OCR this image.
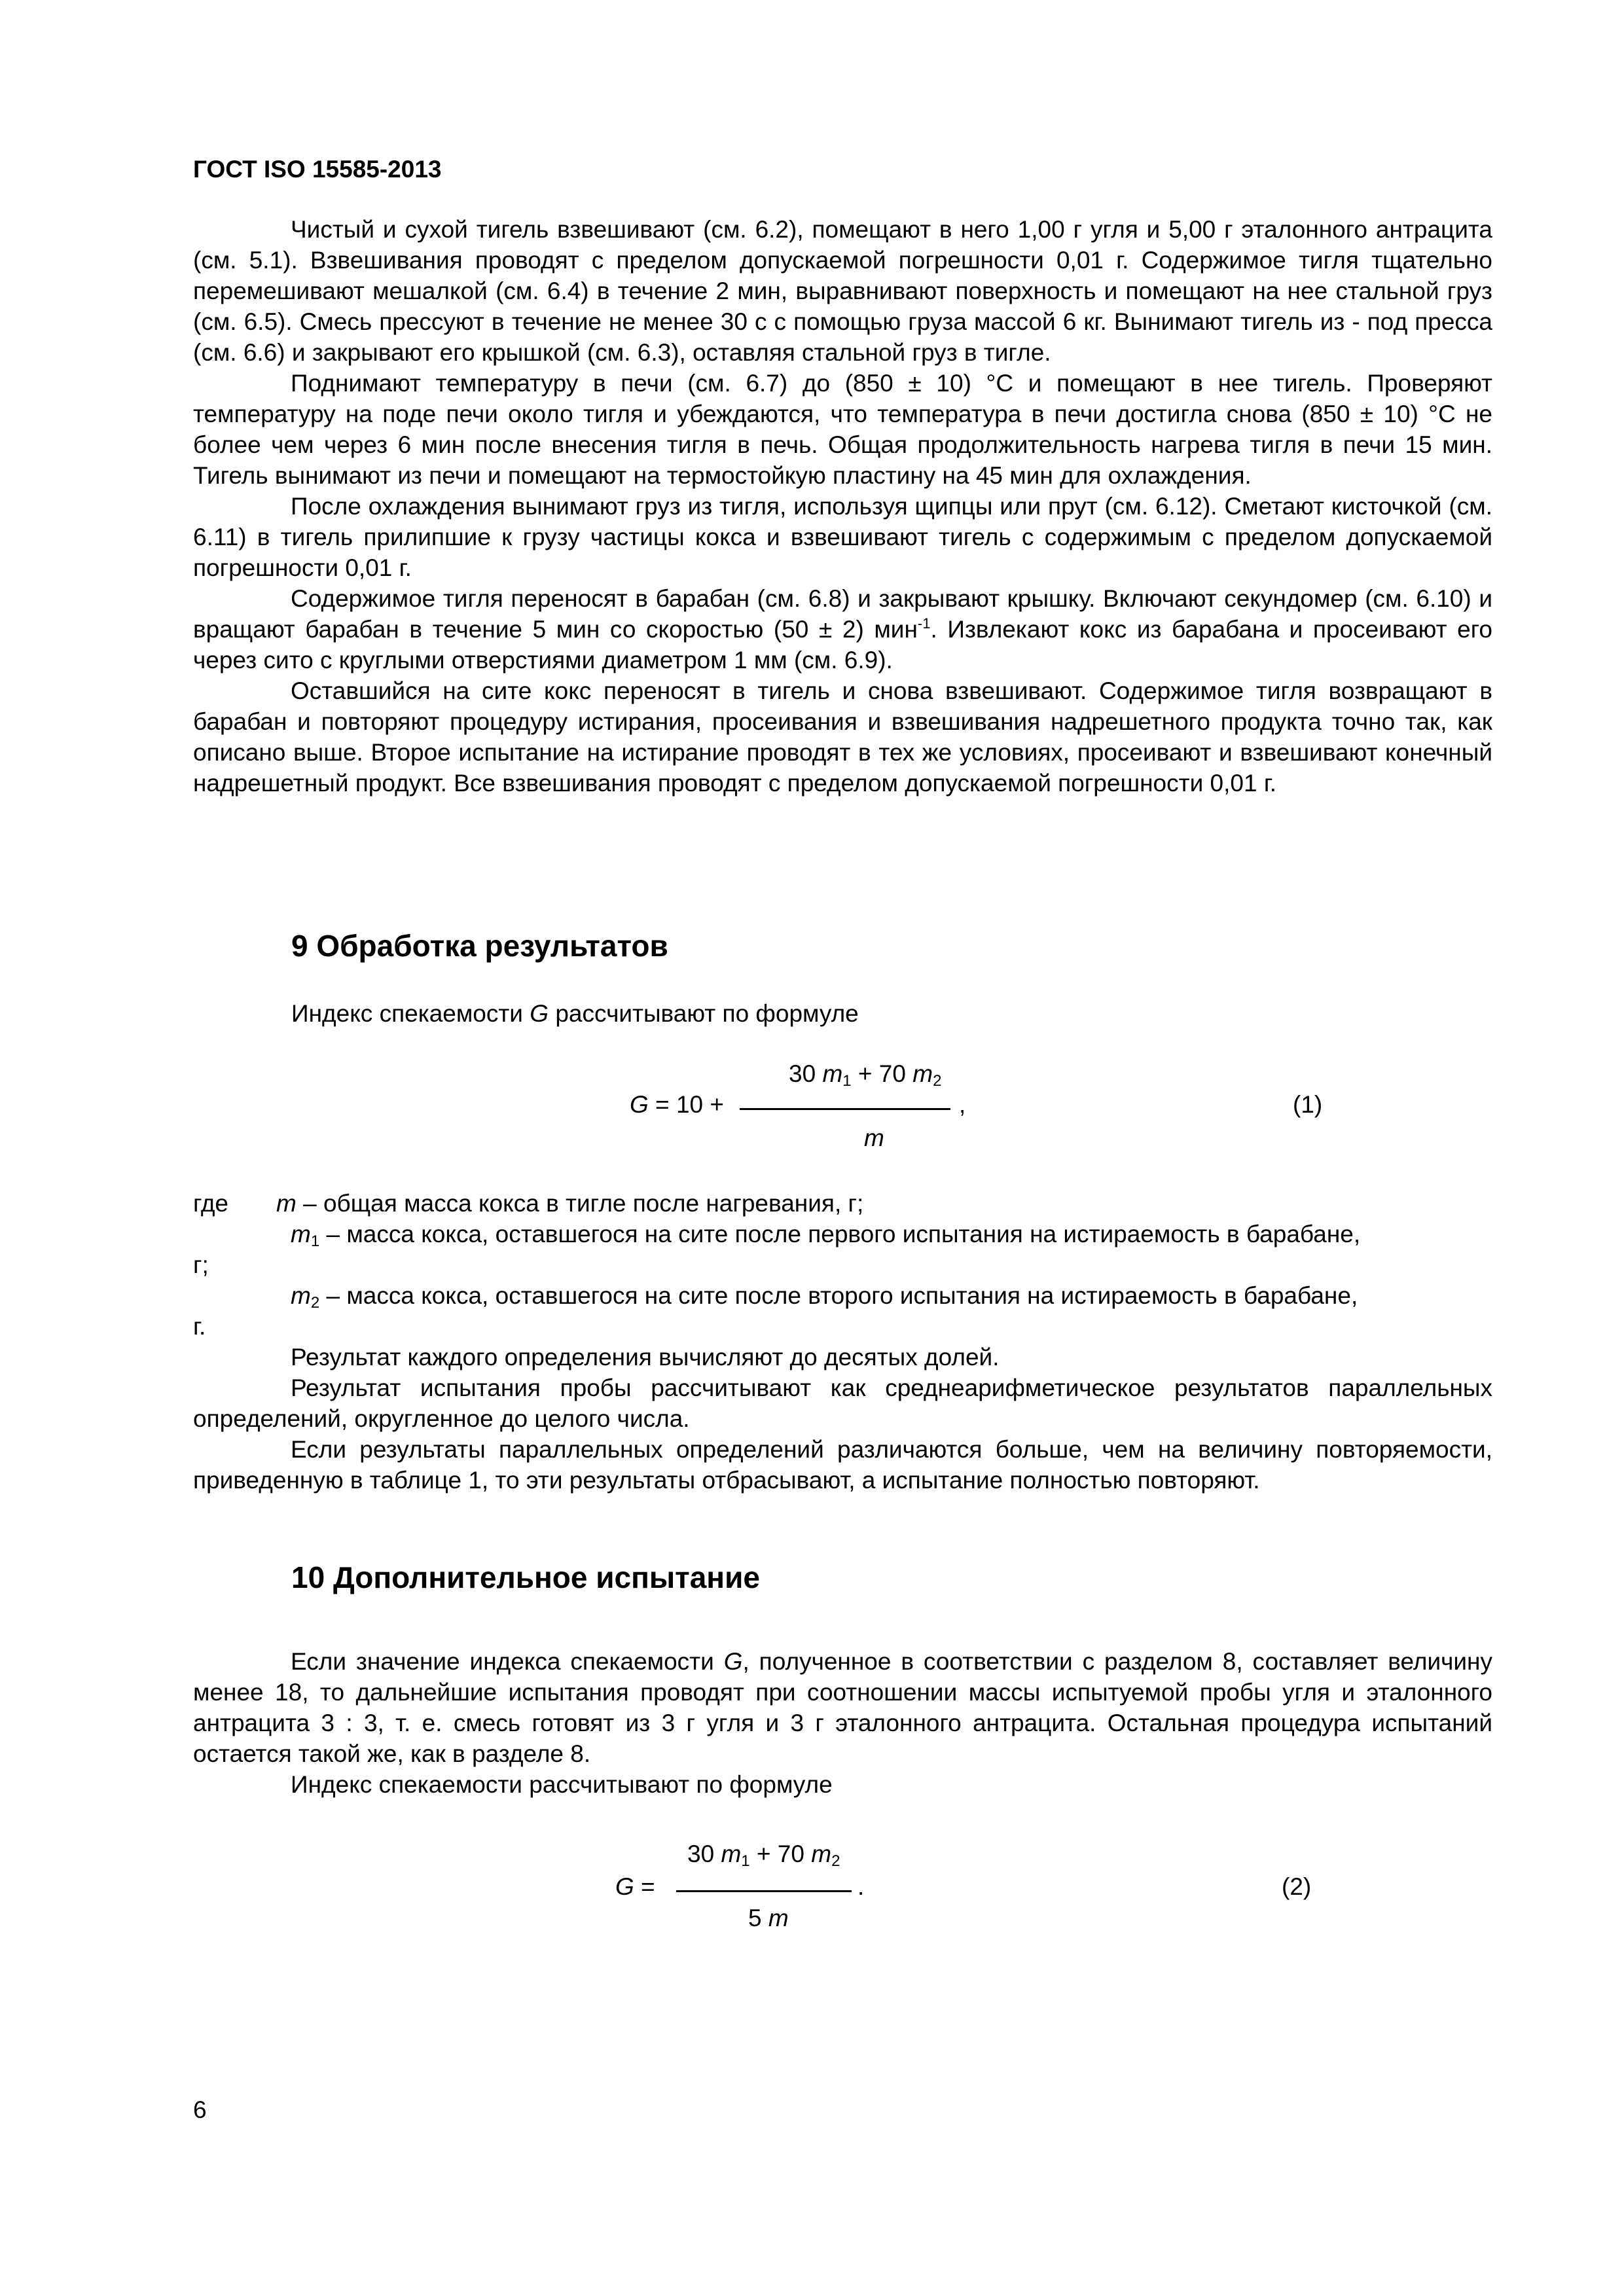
ГОСТ ISO 15585-2013

Чистый и сухой тигель взвешивают (см. 6.2), помещают в него 1,00 г угля и 5,00 г эталонного антрацита (см. 5.1). Взвешивания проводят с пределом допускаемой погрешности 0,01 г. Содержимое тигля тщательно перемешивают мешалкой (см. 6.4) в течение 2 мин, выравнивают поверхность и помещают на нее стальной груз (см. 6.5). Смесь прессуют в течение не менее 30 с с помощью груза массой 6 кг. Вынимают тигель из - под пресса (см. 6.6) и закрывают его крышкой (см. 6.3), оставляя стальной груз в тигле.

Поднимают температуру в печи (см. 6.7) до (850 ± 10) °С и помещают в нее тигель. Проверяют температуру на поде печи около тигля и убеждаются, что температура в печи достигла снова (850 ± 10) °С не более чем через 6 мин после внесения тигля в печь. Общая продолжительность нагрева тигля в печи 15 мин. Тигель вынимают из печи и помещают на термостойкую пластину на 45 мин для охлаждения.

После охлаждения вынимают груз из тигля, используя щипцы или прут (см. 6.12). Сметают кисточкой (см. 6.11) в тигель прилипшие к грузу частицы кокса и взвешивают тигель с содержимым с пределом допускаемой погрешности 0,01 г.

Содержимое тигля переносят в барабан (см. 6.8) и закрывают крышку. Включают секундомер (см. 6.10) и вращают барабан в течение 5 мин со скоростью (50 ± 2) мин$^{-1}$. Извлекают кокс из барабана и просеивают его через сито с круглыми отверстиями диаметром 1 мм (см. 6.9).

Оставшийся на сите кокс переносят в тигель и снова взвешивают. Содержимое тигля возвращают в барабан и повторяют процедуру истирания, просеивания и взвешивания надрешетного продукта точно так, как описано выше. Второе испытание на истирание проводят в тех же условиях, просеивают и взвешивают конечный надрешетный продукт. Все взвешивания проводят с пределом допускаемой погрешности 0,01 г.

9 Обработка результатов
Индекс спекаемости G рассчитывают по формуле
30 $m_1 + 70$ $m_2$
G = 10 +	,
m
(1)
где m – общая масса кокса в тигле после нагревания, г;
$m_1$ – масса кокса, оставшегося на сите после первого испытания на истираемость в барабане,
г;
$m_2$ – масса кокса, оставшегося на сите после второго испытания на истираемость в барабане,
г.

Результат каждого определения вычисляют до десятых долей.

Результат испытания пробы рассчитывают как среднеарифметическое результатов параллельных определений, округленное до целого числа.

Если результаты параллельных определений различаются больше, чем на величину повторяемости, приведенную в таблице 1, то эти результаты отбрасывают, а испытание полностью повторяют.

10 Дополнительное испытание

Если значение индекса спекаемости G, полученное в соответствии с разделом 8, составляет величину менее 18, то дальнейшие испытания проводят при соотношении массы испытуемой пробы угля и эталонного антрацита 3 : 3, т. е. смесь готовят из 3 г угля и 3 г эталонного антрацита. Остальная процедура испытаний остается такой же, как в разделе 8.

Индекс спекаемости рассчитывают по формуле

30 $m_1 + 70$ $m_2$
G =	.
5 m
(2)
6
